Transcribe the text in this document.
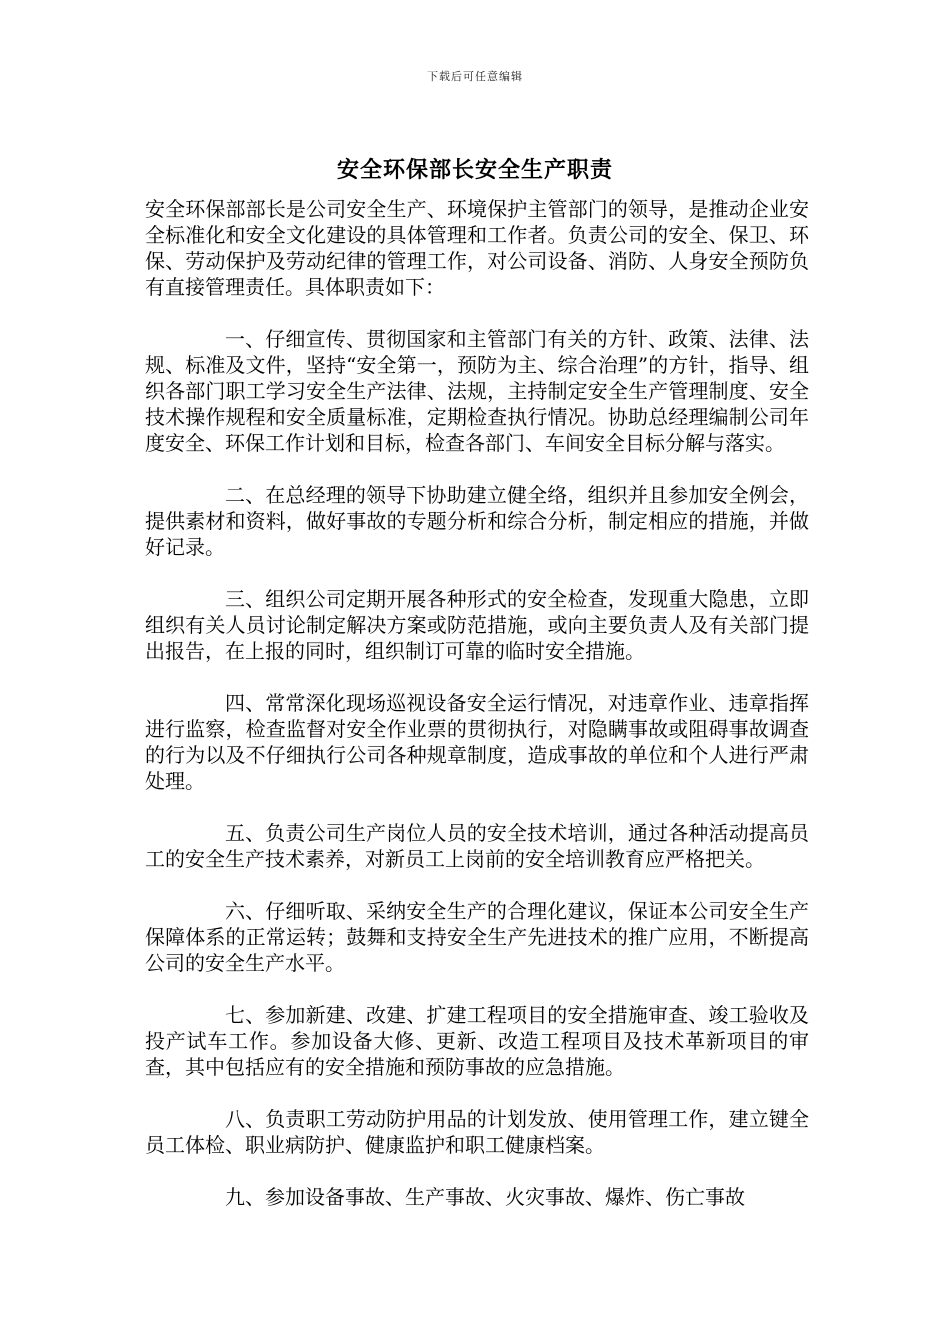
下载后可任意编辑
安全环保部长安全生产职责

安全环保部部长是公司安全生产、环境保护主管部门的领导，是推动企业安全标准化和安全文化建设的具体管理和工作者。负责公司的安全、保卫、环保、劳动保护及劳动纪律的管理工作，对公司设备、消防、人身安全预防负有直接管理责任。具体职责如下：

一、仔细宣传、贯彻国家和主管部门有关的方针、政策、法律、法规、标准及文件，坚持“安全第一，预防为主、综合治理”的方针，指导、组织各部门职工学习安全生产法律、法规，主持制定安全生产管理制度、安全技术操作规程和安全质量标准，定期检查执行情况。协助总经理编制公司年度安全、环保工作计划和目标，检查各部门、车间安全目标分解与落实。

二、在总经理的领导下协助建立健全络，组织并且参加安全例会，提供素材和资料，做好事故的专题分析和综合分析，制定相应的措施，并做好记录。

三、组织公司定期开展各种形式的安全检查，发现重大隐患，立即组织有关人员讨论制定解决方案或防范措施，或向主要负责人及有关部门提出报告，在上报的同时，组织制订可靠的临时安全措施。

四、常常深化现场巡视设备安全运行情况，对违章作业、违章指挥进行监察，检查监督对安全作业票的贯彻执行，对隐瞒事故或阻碍事故调查的行为以及不仔细执行公司各种规章制度，造成事故的单位和个人进行严肃处理。

五、负责公司生产岗位人员的安全技术培训，通过各种活动提高员工的安全生产技术素养，对新员工上岗前的安全培训教育应严格把关。

六、仔细听取、采纳安全生产的合理化建议，保证本公司安全生产保障体系的正常运转；鼓舞和支持安全生产先进技术的推广应用，不断提高公司的安全生产水平。

七、参加新建、改建、扩建工程项目的安全措施审查、竣工验收及投产试车工作。参加设备大修、更新、改造工程项目及技术革新项目的审查，其中包括应有的安全措施和预防事故的应急措施。

八、负责职工劳动防护用品的计划发放、使用管理工作，建立键全员工体检、职业病防护、健康监护和职工健康档案。

九、参加设备事故、生产事故、火灾事故、爆炸、伤亡事故
